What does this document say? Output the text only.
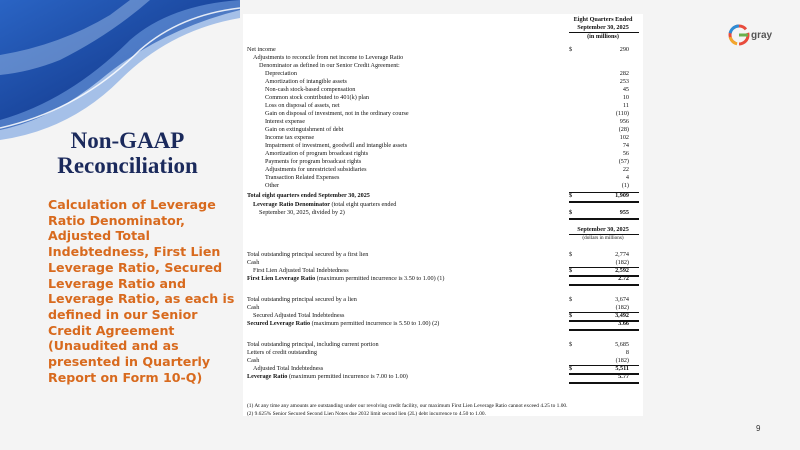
Non-GAAP
Reconciliation
Calculation of Leverage Ratio Denominator, Adjusted Total Indebtedness, First Lien Leverage Ratio, Secured Leverage Ratio and Leverage Ratio, as each is defined in our Senior Credit Agreement (Unaudited and as presented in Quarterly Report on Form 10-Q)
Eight Quarters Ended
September 30, 2025
(in millions)
Net income	$	290
Adjustments to reconcile from net income to Leverage Ratio
Denominator as defined in our Senior Credit Agreement:
Depreciation	282
Amortization of intangible assets	253
Non-cash stock-based compensation	45
Common stock contributed to 401(k) plan	10
Loss on disposal of assets, net	11
Gain on disposal of investment, not in the ordinary course	(110)
Interest expense	956
Gain on extinguishment of debt	(28)
Income tax expense	102
Impairment of investment, goodwill and intangible assets	74
Amortization of program broadcast rights	56
Payments for program broadcast rights	(57)
Adjustments for unrestricted subsidiaries	22
Transaction Related Expenses	4
Other	(1)
Total eight quarters ended September 30, 2025	$	1,909
Leverage Ratio Denominator (total eight quarters ended
September 30, 2025, divided by 2)	$	955
September 30, 2025
(dollars in millions)
Total outstanding principal secured by a first lien	$	2,774
Cash	(182)
First Lien Adjusted Total Indebtedness	$	2,592
First Lien Leverage Ratio (maximum permitted incurrence is 3.50 to 1.00) (1)	2.72
Total outstanding principal secured by a lien	$	3,674
Cash	(182)
Secured Adjusted Total Indebtedness	$	3,492
Secured Leverage Ratio (maximum permitted incurrence is 5.50 to 1.00) (2)	3.66
Total outstanding principal, including current portion	$	5,685
Letters of credit outstanding	8
Cash	(182)
Adjusted Total Indebtedness	$	5,511
Leverage Ratio (maximum permitted incurrence is 7.00 to 1.00)	5.77
(1) At any time any amounts are outstanding under our revolving credit facility, our maximum First Lien Leverage Ratio cannot exceed 4.25 to 1.00.
(2) 9.625% Senior Secured Second Lien Notes due 2032 limit second lien (2L) debt incurrence to 4.50 to 1.00.
gray
9
